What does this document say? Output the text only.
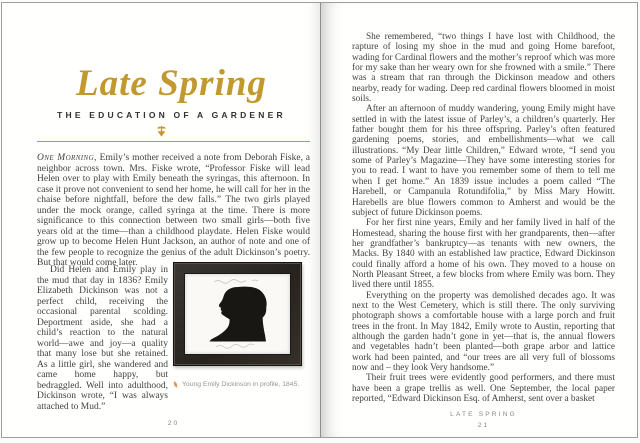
Late Spring
THE EDUCATION OF A GARDENER

One Morning, Emily’s mother received a note from Deborah Fiske, a neighbor across town. Mrs. Fiske wrote, “Professor Fiske will lead Helen over to play with Emily beneath the syringas, this afternoon. In case it prove not convenient to send her home, he will call for her in the chaise before nightfall, before the dew falls.” The two girls played under the mock orange, called syringa at the time. There is more significance to this connection between two small girls—both five years old at the time—than a childhood playdate. Helen Fiske would grow up to become Helen Hunt Jackson, an author of note and one of the few people to recognize the genius of the adult Dickinson’s poetry. But that would come later.

Did Helen and Emily play in the mud that day in 1836? Emily Elizabeth Dickinson was not a perfect child, receiving the occasional parental scolding. Deportment aside, she had a child’s reaction to the natural world—awe and joy—a quality that many lose but she retained. As a little girl, she wandered and came home happy, but bedraggled. Well into adulthood, Dickinson wrote, “I was always attached to Mud.”

Young Emily Dickinson in profile, 1845.
20

She remembered, “two things I have lost with Childhood, the rapture of losing my shoe in the mud and going Home barefoot, wading for Cardinal flowers and the mother’s reproof which was more for my sake than her weary own for she frowned with a smile.” There was a stream that ran through the Dickinson meadow and others nearby, ready for wading. Deep red cardinal flowers bloomed in moist soils.

After an afternoon of muddy wandering, young Emily might have settled in with the latest issue of Parley’s, a children’s quarterly. Her father bought them for his three offspring. Parley’s often featured gardening poems, stories, and embellishments—what we call illustrations. “My Dear little Children,” Edward wrote, “I send you some of Parley’s Magazine—They have some interesting stories for you to read. I want to have you remember some of them to tell me when I get home.” An 1839 issue includes a poem called “The Harebell, or Campanula Rotundifolia,” by Miss Mary Howitt. Harebells are blue flowers common to Amherst and would be the subject of future Dickinson poems.

For her first nine years, Emily and her family lived in half of the Homestead, sharing the house first with her grandparents, then—after her grandfather’s bankruptcy—as tenants with new owners, the Macks. By 1840 with an established law practice, Edward Dickinson could finally afford a home of his own. They moved to a house on North Pleasant Street, a few blocks from where Emily was born. They lived there until 1855.

Everything on the property was demolished decades ago. It was next to the West Cemetery, which is still there. The only surviving photograph shows a comfortable house with a large porch and fruit trees in the front. In May 1842, Emily wrote to Austin, reporting that although the garden hadn’t gone in yet—that is, the annual flowers and vegetables hadn’t been planted—both grape arbor and lattice work had been painted, and “our trees are all very full of blossoms now and – they look Very handsome.”

Their fruit trees were evidently good performers, and there must have been a grape trellis as well. One September, the local paper reported, “Edward Dickinson Esq. of Amherst, sent over a basket

LATE SPRING
21
